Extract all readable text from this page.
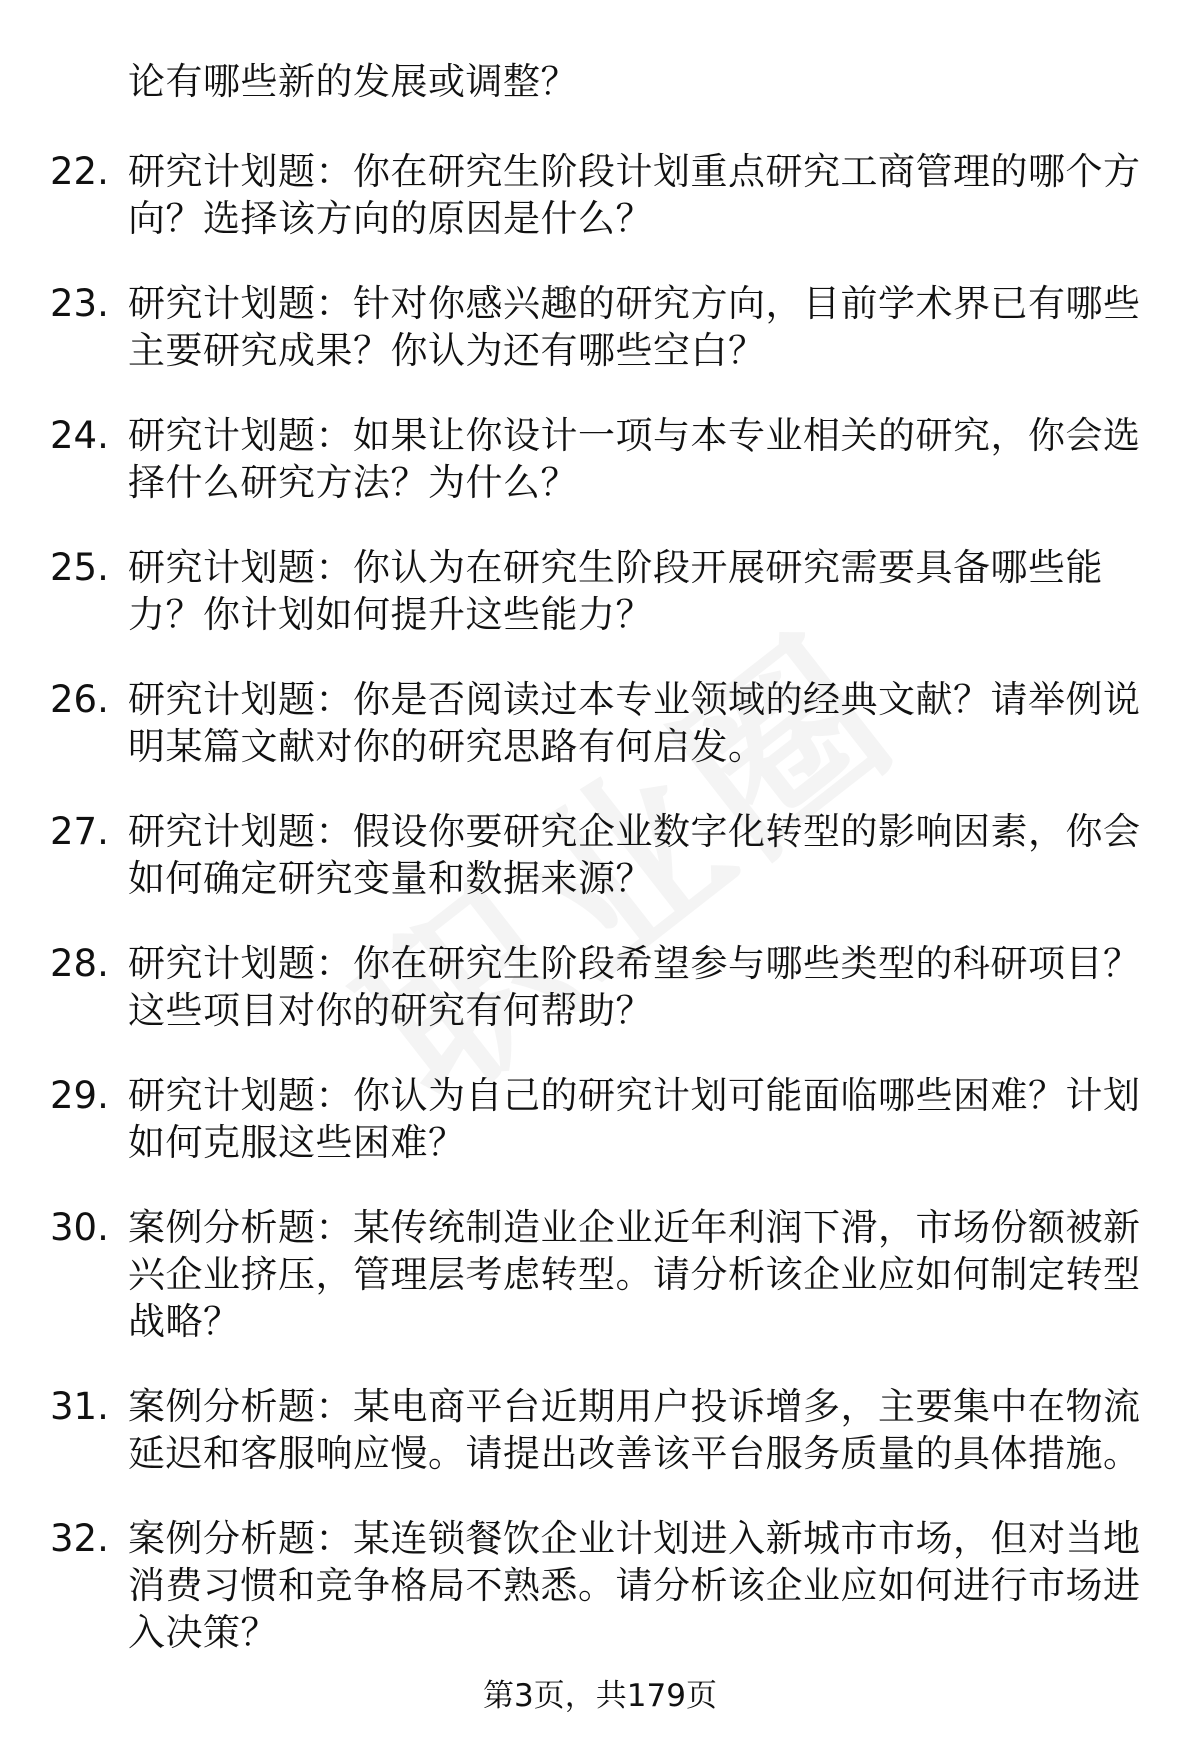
论有哪些新的发展或调整？
22. 研究计划题：你在研究生阶段计划重点研究工商管理的哪个方向？选择该方向的原因是什么？
23. 研究计划题：针对你感兴趣的研究方向，目前学术界已有哪些主要研究成果？你认为还有哪些空白？
24. 研究计划题：如果让你设计一项与本专业相关的研究，你会选择什么研究方法？为什么？
25. 研究计划题：你认为在研究生阶段开展研究需要具备哪些能力？你计划如何提升这些能力？
26. 研究计划题：你是否阅读过本专业领域的经典文献？请举例说明某篇文献对你的研究思路有何启发。
27. 研究计划题：假设你要研究企业数字化转型的影响因素，你会如何确定研究变量和数据来源？
28. 研究计划题：你在研究生阶段希望参与哪些类型的科研项目？这些项目对你的研究有何帮助？
29. 研究计划题：你认为自己的研究计划可能面临哪些困难？计划如何克服这些困难？
30. 案例分析题：某传统制造业企业近年利润下滑，市场份额被新兴企业挤压，管理层考虑转型。请分析该企业应如何制定转型战略？
31. 案例分析题：某电商平台近期用户投诉增多，主要集中在物流延迟和客服响应慢。请提出改善该平台服务质量的具体措施。
32. 案例分析题：某连锁餐饮企业计划进入新城市市场，但对当地消费习惯和竞争格局不熟悉。请分析该企业应如何进行市场进入决策？
第3页，共179页
